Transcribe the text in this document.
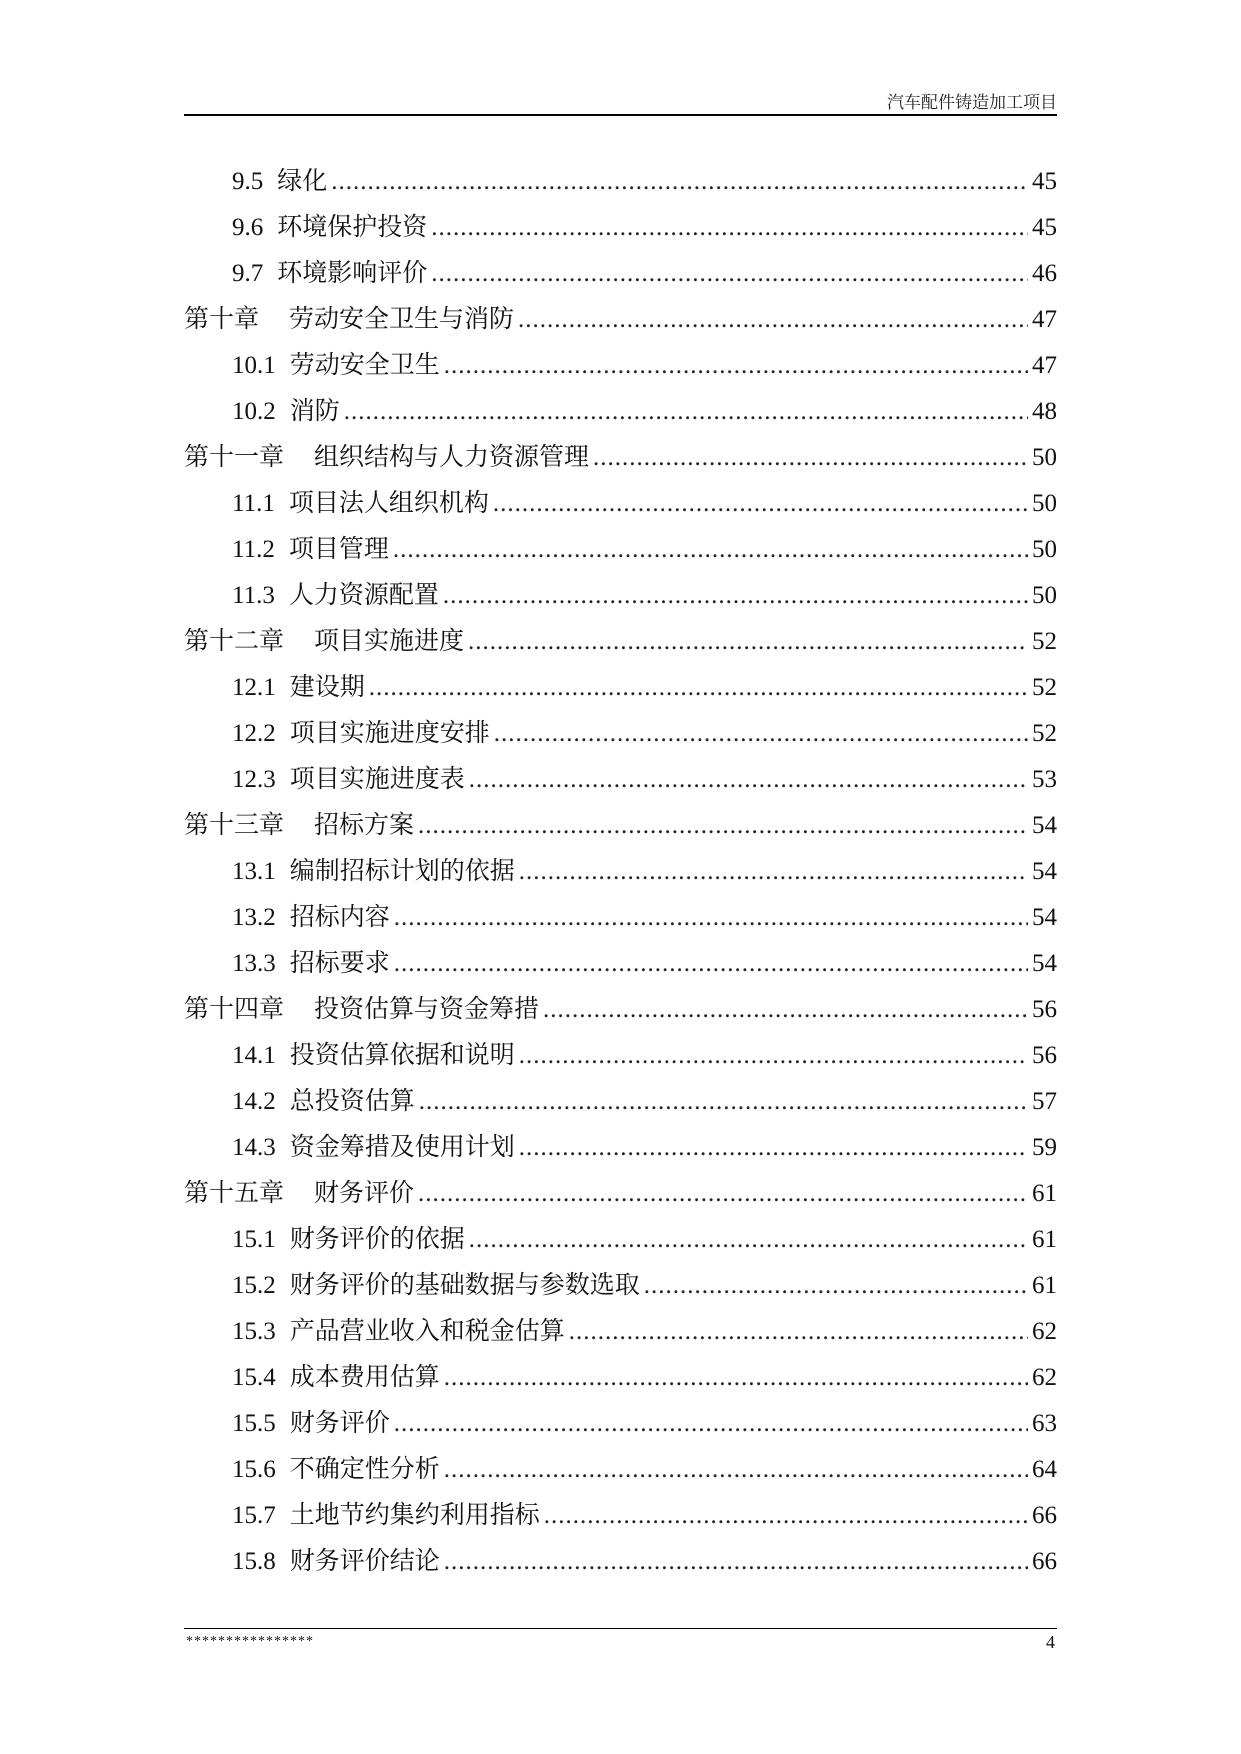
汽车配件铸造加工项目
9.5 绿化 .....	45
9.6 环境保护投资 .....	45
9.7 环境影响评价 .....	46
第十章 劳动安全卫生与消防 .....	47
10.1 劳动安全卫生 .....	47
10.2 消防 .....	48
第十一章 组织结构与人力资源管理 .....	50
11.1 项目法人组织机构 .....	50
11.2 项目管理 .....	50
11.3 人力资源配置 .....	50
第十二章 项目实施进度 .....	52
12.1 建设期 .....	52
12.2 项目实施进度安排 .....	52
12.3 项目实施进度表 .....	53
第十三章 招标方案 .....	54
13.1 编制招标计划的依据 .....	54
13.2 招标内容 .....	54
13.3 招标要求 .....	54
第十四章 投资估算与资金筹措 .....	56
14.1 投资估算依据和说明 .....	56
14.2 总投资估算 .....	57
14.3 资金筹措及使用计划 .....	59
第十五章 财务评价 .....	61
15.1 财务评价的依据 .....	61
15.2 财务评价的基础数据与参数选取 .....	61
15.3 产品营业收入和税金估算 .....	62
15.4 成本费用估算 .....	62
15.5 财务评价 .....	63
15.6 不确定性分析 .....	64
15.7 土地节约集约利用指标 .....	66
15.8 财务评价结论 .....	66
****************	4
